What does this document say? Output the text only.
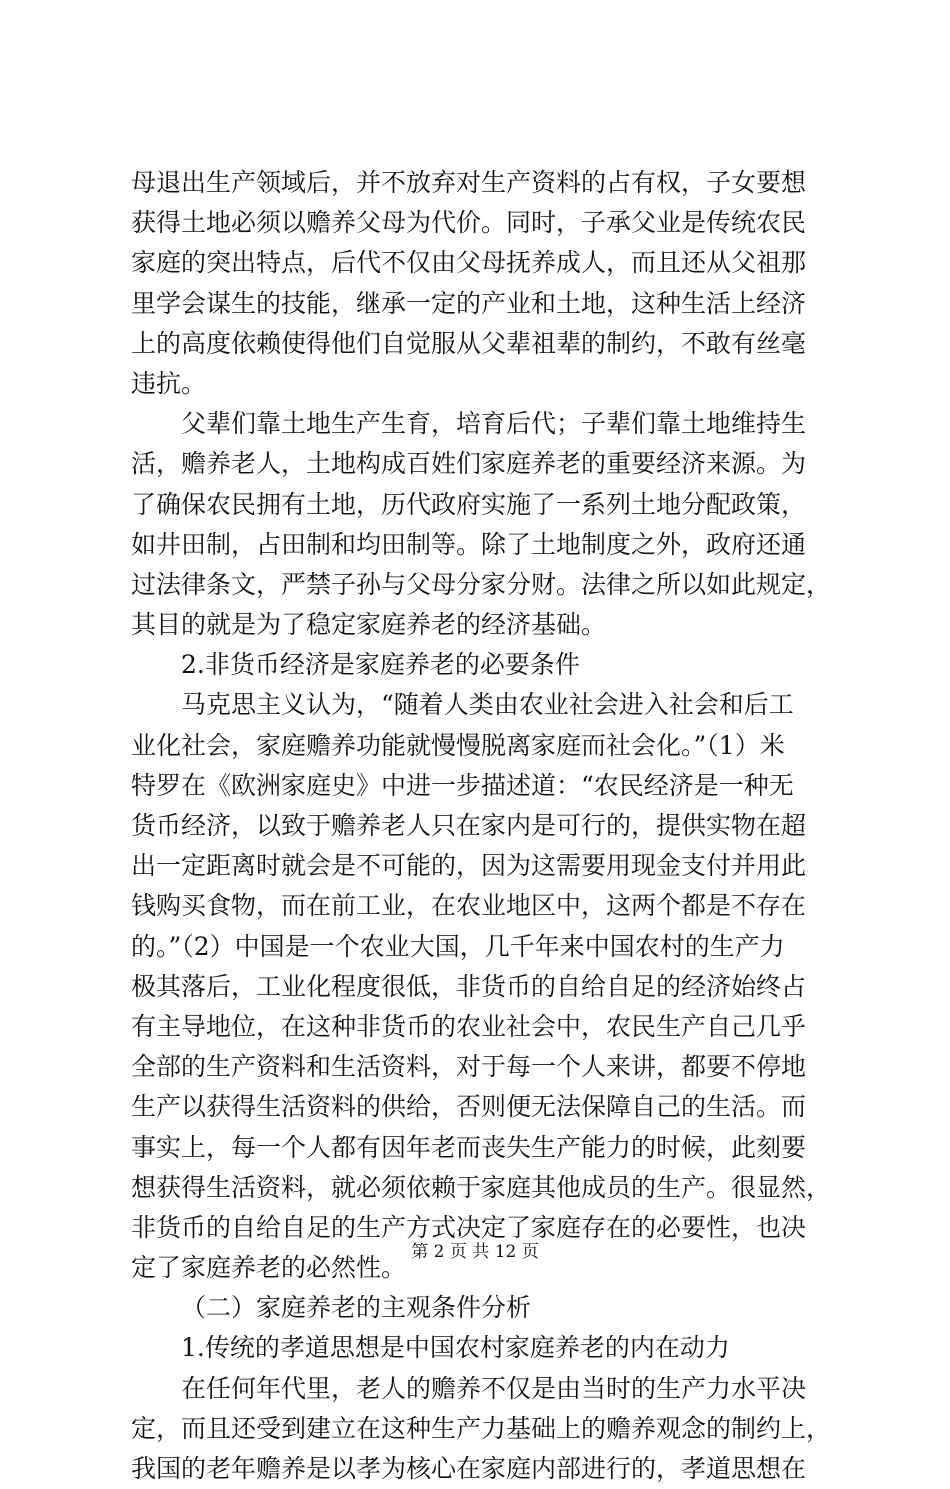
母退出生产领域后，并不放弃对生产资料的占有权，子女要想
获得土地必须以赡养父母为代价。同时，子承父业是传统农民
家庭的突出特点，后代不仅由父母抚养成人，而且还从父祖那
里学会谋生的技能，继承一定的产业和土地，这种生活上经济
上的高度依赖使得他们自觉服从父辈祖辈的制约，不敢有丝毫
违抗。
父辈们靠土地生产生育，培育后代；子辈们靠土地维持生
活，赡养老人，土地构成百姓们家庭养老的重要经济来源。为
了确保农民拥有土地，历代政府实施了一系列土地分配政策，
如井田制，占田制和均田制等。除了土地制度之外，政府还通
过法律条文，严禁子孙与父母分家分财。法律之所以如此规定，
其目的就是为了稳定家庭养老的经济基础。
2.非货币经济是家庭养老的必要条件
马克思主义认为，“随着人类由农业社会进入社会和后工
业化社会，家庭赡养功能就慢慢脱离家庭而社会化。”（1）米
特罗在《欧洲家庭史》中进一步描述道：“农民经济是一种无
货币经济，以致于赡养老人只在家内是可行的，提供实物在超
出一定距离时就会是不可能的，因为这需要用现金支付并用此
钱购买食物，而在前工业，在农业地区中，这两个都是不存在
的。”（2）中国是一个农业大国，几千年来中国农村的生产力
极其落后，工业化程度很低，非货币的自给自足的经济始终占
有主导地位，在这种非货币的农业社会中，农民生产自己几乎
全部的生产资料和生活资料，对于每一个人来讲，都要不停地
生产以获得生活资料的供给，否则便无法保障自己的生活。而
事实上，每一个人都有因年老而丧失生产能力的时候，此刻要
想获得生活资料，就必须依赖于家庭其他成员的生产。很显然，
非货币的自给自足的生产方式决定了家庭存在的必要性，也决
定了家庭养老的必然性。
（二）家庭养老的主观条件分析
1.传统的孝道思想是中国农村家庭养老的内在动力
在任何年代里，老人的赡养不仅是由当时的生产力水平决
定，而且还受到建立在这种生产力基础上的赡养观念的制约上，
我国的老年赡养是以孝为核心在家庭内部进行的，孝道思想在
第 2 页 共 12 页
